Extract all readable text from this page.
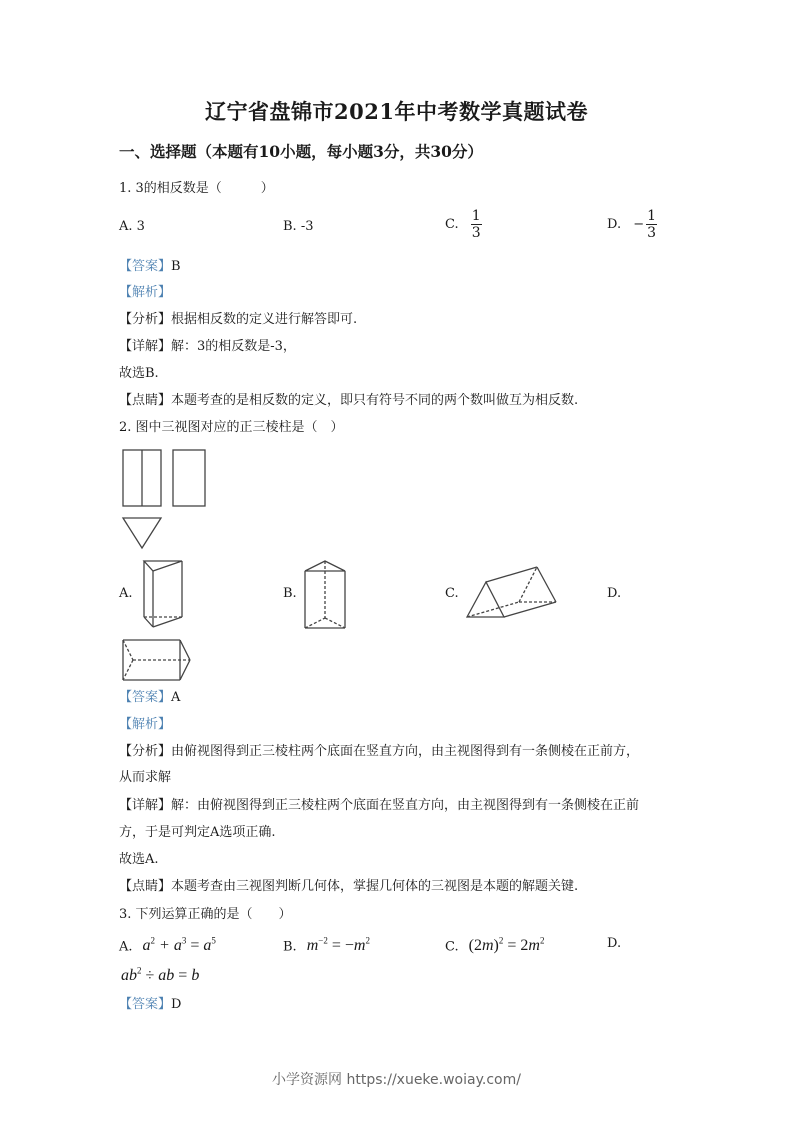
辽宁省盘锦市2021年中考数学真题试卷
一、选择题（本题有10小题，每小题3分，共30分）
1. 3的相反数是（　　　）
A. 3	B. -3	C. $\frac{1}{3}$	D. − $\frac{1}{3}$
【答案】B
【解析】
【分析】根据相反数的定义进行解答即可.
【详解】解：3的相反数是-3，
故选B.
【点睛】本题考查的是相反数的定义，即只有符号不同的两个数叫做互为相反数.
2. 图中三视图对应的正三棱柱是（　）
A.	B.	C.	D.
【答案】A
【解析】
【分析】由俯视图得到正三棱柱两个底面在竖直方向，由主视图得到有一条侧棱在正前方，
从而求解
【详解】解：由俯视图得到正三棱柱两个底面在竖直方向，由主视图得到有一条侧棱在正前
方，于是可判定A选项正确.
故选A.
【点睛】本题考查由三视图判断几何体，掌握几何体的三视图是本题的解题关键.
3. 下列运算正确的是（　　）
A. $a^2 + a^3 = a^5$	B. $m^{-2} = -m^2$	C. $(2m)^2 = 2m^2$	D.
$ab^2$ ÷ ab = b
【答案】D
小学资源网 https://xueke.woiay.com/
